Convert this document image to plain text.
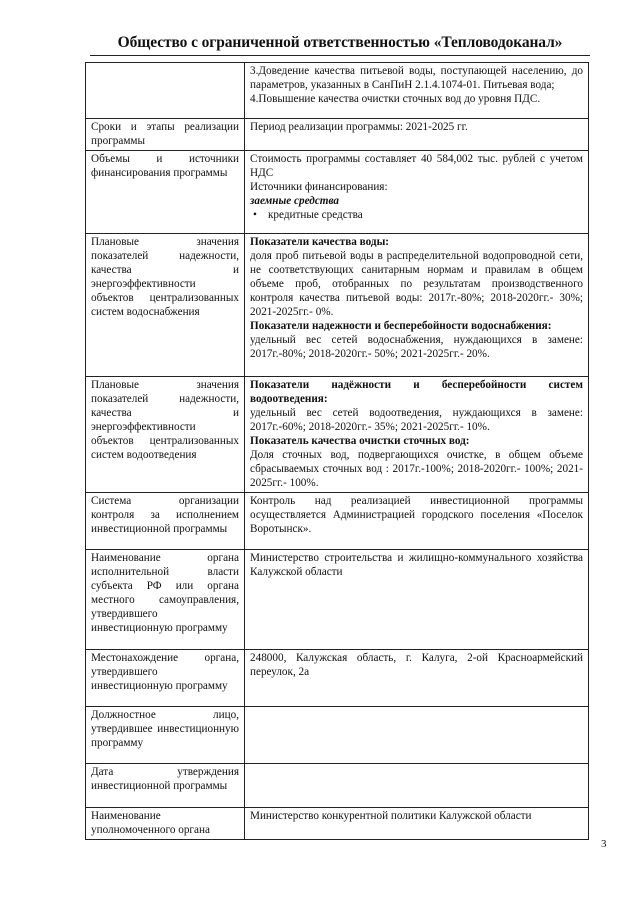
Общество с ограниченной ответственностью «Тепловодоканал»

	3.Доведение качества питьевой воды, поступающей населению, до параметров, указанных в СанПиН 2.1.4.1074-01. Питьевая вода;
4.Повышение качества очистки сточных вод до уровня ПДС.

Сроки и этапы реализации программы	Период реализации программы: 2021-2025 гг.
Объемы и источники финансирования программы	Стоимость программы составляет 40 584,002 тыс. рублей с учетом НДС
Источники финансирования:
заемные средства
• кредитные средства

Плановые значения показателей надежности, качества и энергоэффективности объектов централизованных систем водоснабжения	Показатели качества воды:
доля проб питьевой воды в распределительной водопроводной сети, не соответствующих санитарным нормам и правилам в общем объеме проб, отобранных по результатам производственного контроля качества питьевой воды: 2017г.-80%; 2018-2020гг.- 30%; 2021-2025гг.- 0%.
Показатели надежности и бесперебойности водоснабжения:
удельный вес сетей водоснабжения, нуждающихся в замене: 2017г.-80%; 2018-2020гг.- 50%; 2021-2025гг.- 20%.

Плановые значения показателей надежности, качества и энергоэффективности объектов централизованных систем водоотведения	Показатели надёжности и бесперебойности систем водоотведения:
удельный вес сетей водоотведения, нуждающихся в замене: 2017г.-60%; 2018-2020гг.- 35%; 2021-2025гг.- 10%.
Показатель качества очистки сточных вод:
Доля сточных вод, подвергающихся очистке, в общем объеме сбрасываемых сточных вод : 2017г.-100%; 2018-2020гг.- 100%; 2021-2025гг.- 100%.

Система организации контроля за исполнением инвестиционной программы	Контроль над реализацией инвестиционной программы осуществляется Администрацией городского поселения «Поселок Воротынск».
Наименование органа исполнительной власти субъекта РФ или органа местного самоуправления, утвердившего инвестиционную программу	Министерство строительства и жилищно-коммунального хозяйства Калужской области
Местонахождение органа, утвердившего инвестиционную программу	248000, Калужская область, г. Калуга, 2-ой Красноармейский переулок, 2а
Должностное лицо, утвердившее инвестиционную программу	
Дата утверждения инвестиционной программы	
Наименование уполномоченного органа	Министерство конкурентной политики Калужской области
3
